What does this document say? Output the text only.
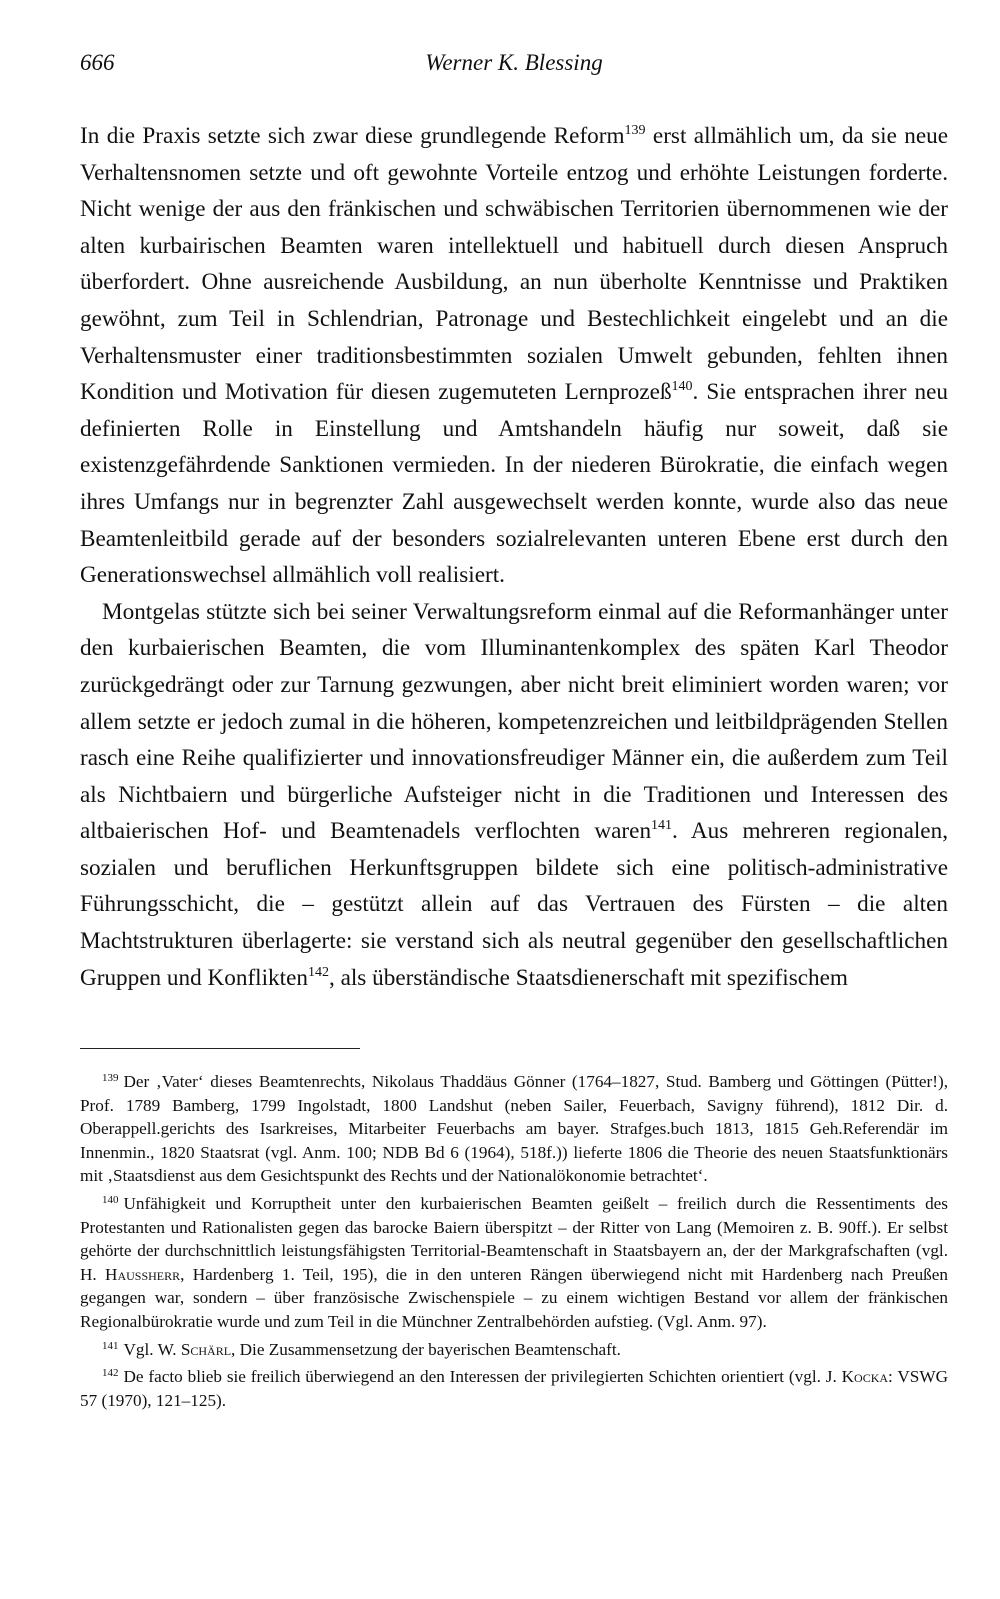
666	Werner K. Blessing

In die Praxis setzte sich zwar diese grundlegende Reform$^{139}$ erst allmählich um, da sie neue Verhaltensnomen setzte und oft gewohnte Vorteile entzog und erhöhte Leistungen forderte. Nicht wenige der aus den fränkischen und schwäbischen Territorien übernommenen wie der alten kurbairischen Beamten waren intellektuell und habituell durch diesen Anspruch überfordert. Ohne ausreichende Ausbildung, an nun überholte Kenntnisse und Praktiken gewöhnt, zum Teil in Schlendrian, Patronage und Bestechlichkeit eingelebt und an die Verhaltensmuster einer traditionsbestimmten sozialen Umwelt gebunden, fehlten ihnen Kondition und Motivation für diesen zugemuteten Lernprozeß$^{140}$. Sie entsprachen ihrer neu definierten Rolle in Einstellung und Amtshandeln häufig nur soweit, daß sie existenzgefährdende Sanktionen vermieden. In der niederen Bürokratie, die einfach wegen ihres Umfangs nur in begrenzter Zahl ausgewechselt werden konnte, wurde also das neue Beamtenleitbild gerade auf der besonders sozialrelevanten unteren Ebene erst durch den Generationswechsel allmählich voll realisiert.

Montgelas stützte sich bei seiner Verwaltungsreform einmal auf die Reformanhänger unter den kurbaierischen Beamten, die vom Illuminantenkomplex des späten Karl Theodor zurückgedrängt oder zur Tarnung gezwungen, aber nicht breit eliminiert worden waren; vor allem setzte er jedoch zumal in die höheren, kompetenzreichen und leitbildprägenden Stellen rasch eine Reihe qualifizierter und innovationsfreudiger Männer ein, die außerdem zum Teil als Nichtbaiern und bürgerliche Aufsteiger nicht in die Traditionen und Interessen des altbaierischen Hof- und Beamtenadels verflochten waren$^{141}$. Aus mehreren regionalen, sozialen und beruflichen Herkunftsgruppen bildete sich eine politisch-administrative Führungsschicht, die – gestützt allein auf das Vertrauen des Fürsten – die alten Machtstrukturen überlagerte: sie verstand sich als neutral gegenüber den gesellschaftlichen Gruppen und Konflikten$^{142}$, als überständische Staatsdienerschaft mit spezifischem

$^{139}$ Der ‚Vater‘ dieses Beamtenrechts, Nikolaus Thaddäus Gönner (1764–1827, Stud. Bamberg und Göttingen (Pütter!), Prof. 1789 Bamberg, 1799 Ingolstadt, 1800 Landshut (neben Sailer, Feuerbach, Savigny führend), 1812 Dir. d. Oberappell.gerichts des Isarkreises, Mitarbeiter Feuerbachs am bayer. Strafges.buch 1813, 1815 Geh.Referendär im Innenmin., 1820 Staatsrat (vgl. Anm. 100; NDB Bd 6 (1964), 518f.)) lieferte 1806 die Theorie des neuen Staatsfunktionärs mit ‚Staatsdienst aus dem Gesichtspunkt des Rechts und der Nationalökonomie betrachtet‘.

$^{140}$ Unfähigkeit und Korruptheit unter den kurbaierischen Beamten geißelt – freilich durch die Ressentiments des Protestanten und Rationalisten gegen das barocke Baiern überspitzt – der Ritter von Lang (Memoiren z. B. 90ff.). Er selbst gehörte der durchschnittlich leistungsfähigsten Territorial-Beamtenschaft in Staatsbayern an, der der Markgrafschaften (vgl. H. Haussherr, Hardenberg 1. Teil, 195), die in den unteren Rängen überwiegend nicht mit Hardenberg nach Preußen gegangen war, sondern – über französische Zwischenspiele – zu einem wichtigen Bestand vor allem der fränkischen Regionalbürokratie wurde und zum Teil in die Münchner Zentralbehörden aufstieg. (Vgl. Anm. 97).

$^{141}$ Vgl. W. Schärl, Die Zusammensetzung der bayerischen Beamtenschaft.

$^{142}$ De facto blieb sie freilich überwiegend an den Interessen der privilegierten Schichten orientiert (vgl. J. Kocka: VSWG 57 (1970), 121–125).
